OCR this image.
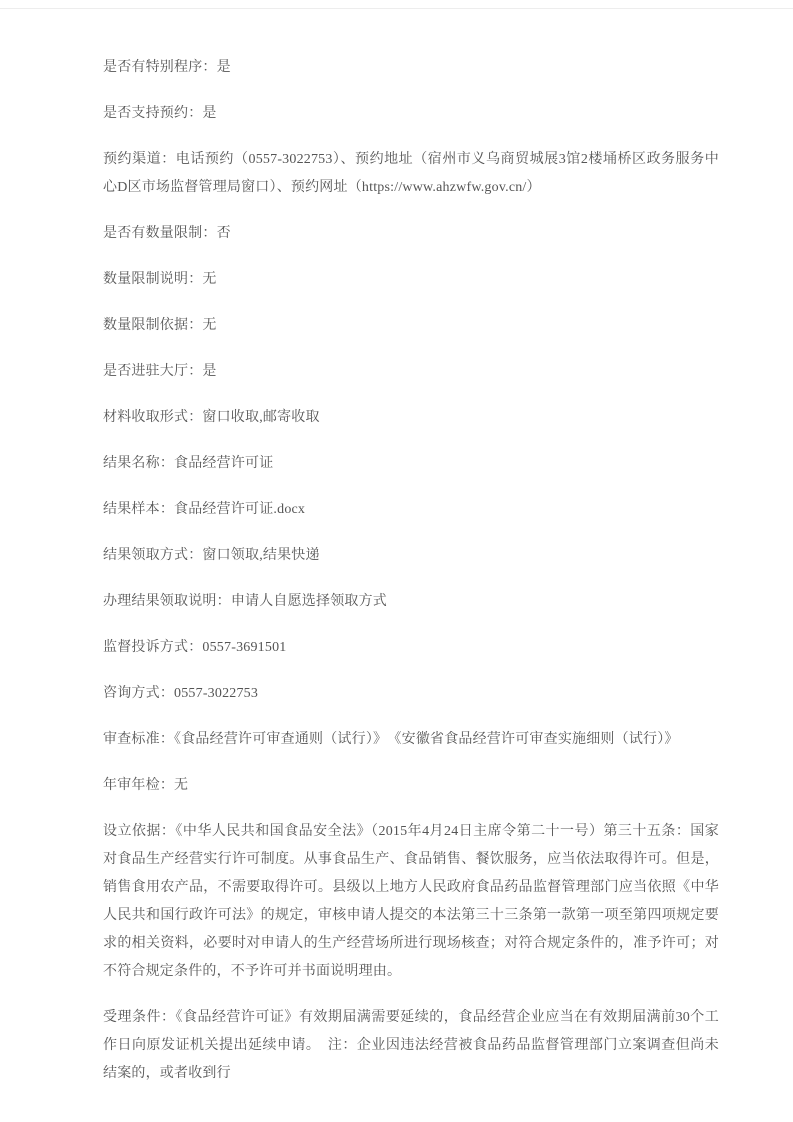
是否有特别程序：是

是否支持预约：是

预约渠道：电话预约（0557-3022753）、预约地址（宿州市义乌商贸城展3馆2楼埇桥区政务服务中心D区市场监督管理局窗口）、预约网址（https://www.ahzwfw.gov.cn/）

是否有数量限制：否

数量限制说明：无

数量限制依据：无

是否进驻大厅：是

材料收取形式：窗口收取,邮寄收取

结果名称：食品经营许可证

结果样本：食品经营许可证.docx

结果领取方式：窗口领取,结果快递

办理结果领取说明：申请人自愿选择领取方式

监督投诉方式：0557-3691501

咨询方式：0557-3022753

审查标准：《食品经营许可审查通则（试行）》　《安徽省食品经营许可审查实施细则（试行）》

年审年检：无

设立依据：《中华人民共和国食品安全法》（2015年4月24日主席令第二十一号）第三十五条：国家对食品生产经营实行许可制度。从事食品生产、食品销售、餐饮服务，应当依法取得许可。但是，销售食用农产品，不需要取得许可。县级以上地方人民政府食品药品监督管理部门应当依照《中华人民共和国行政许可法》的规定，审核申请人提交的本法第三十三条第一款第一项至第四项规定要求的相关资料，必要时对申请人的生产经营场所进行现场核查；对符合规定条件的，准予许可；对不符合规定条件的，不予许可并书面说明理由。

受理条件：《食品经营许可证》有效期届满需要延续的，食品经营企业应当在有效期届满前30个工作日向原发证机关提出延续申请。　注：企业因违法经营被食品药品监督管理部门立案调查但尚未结案的，或者收到行
